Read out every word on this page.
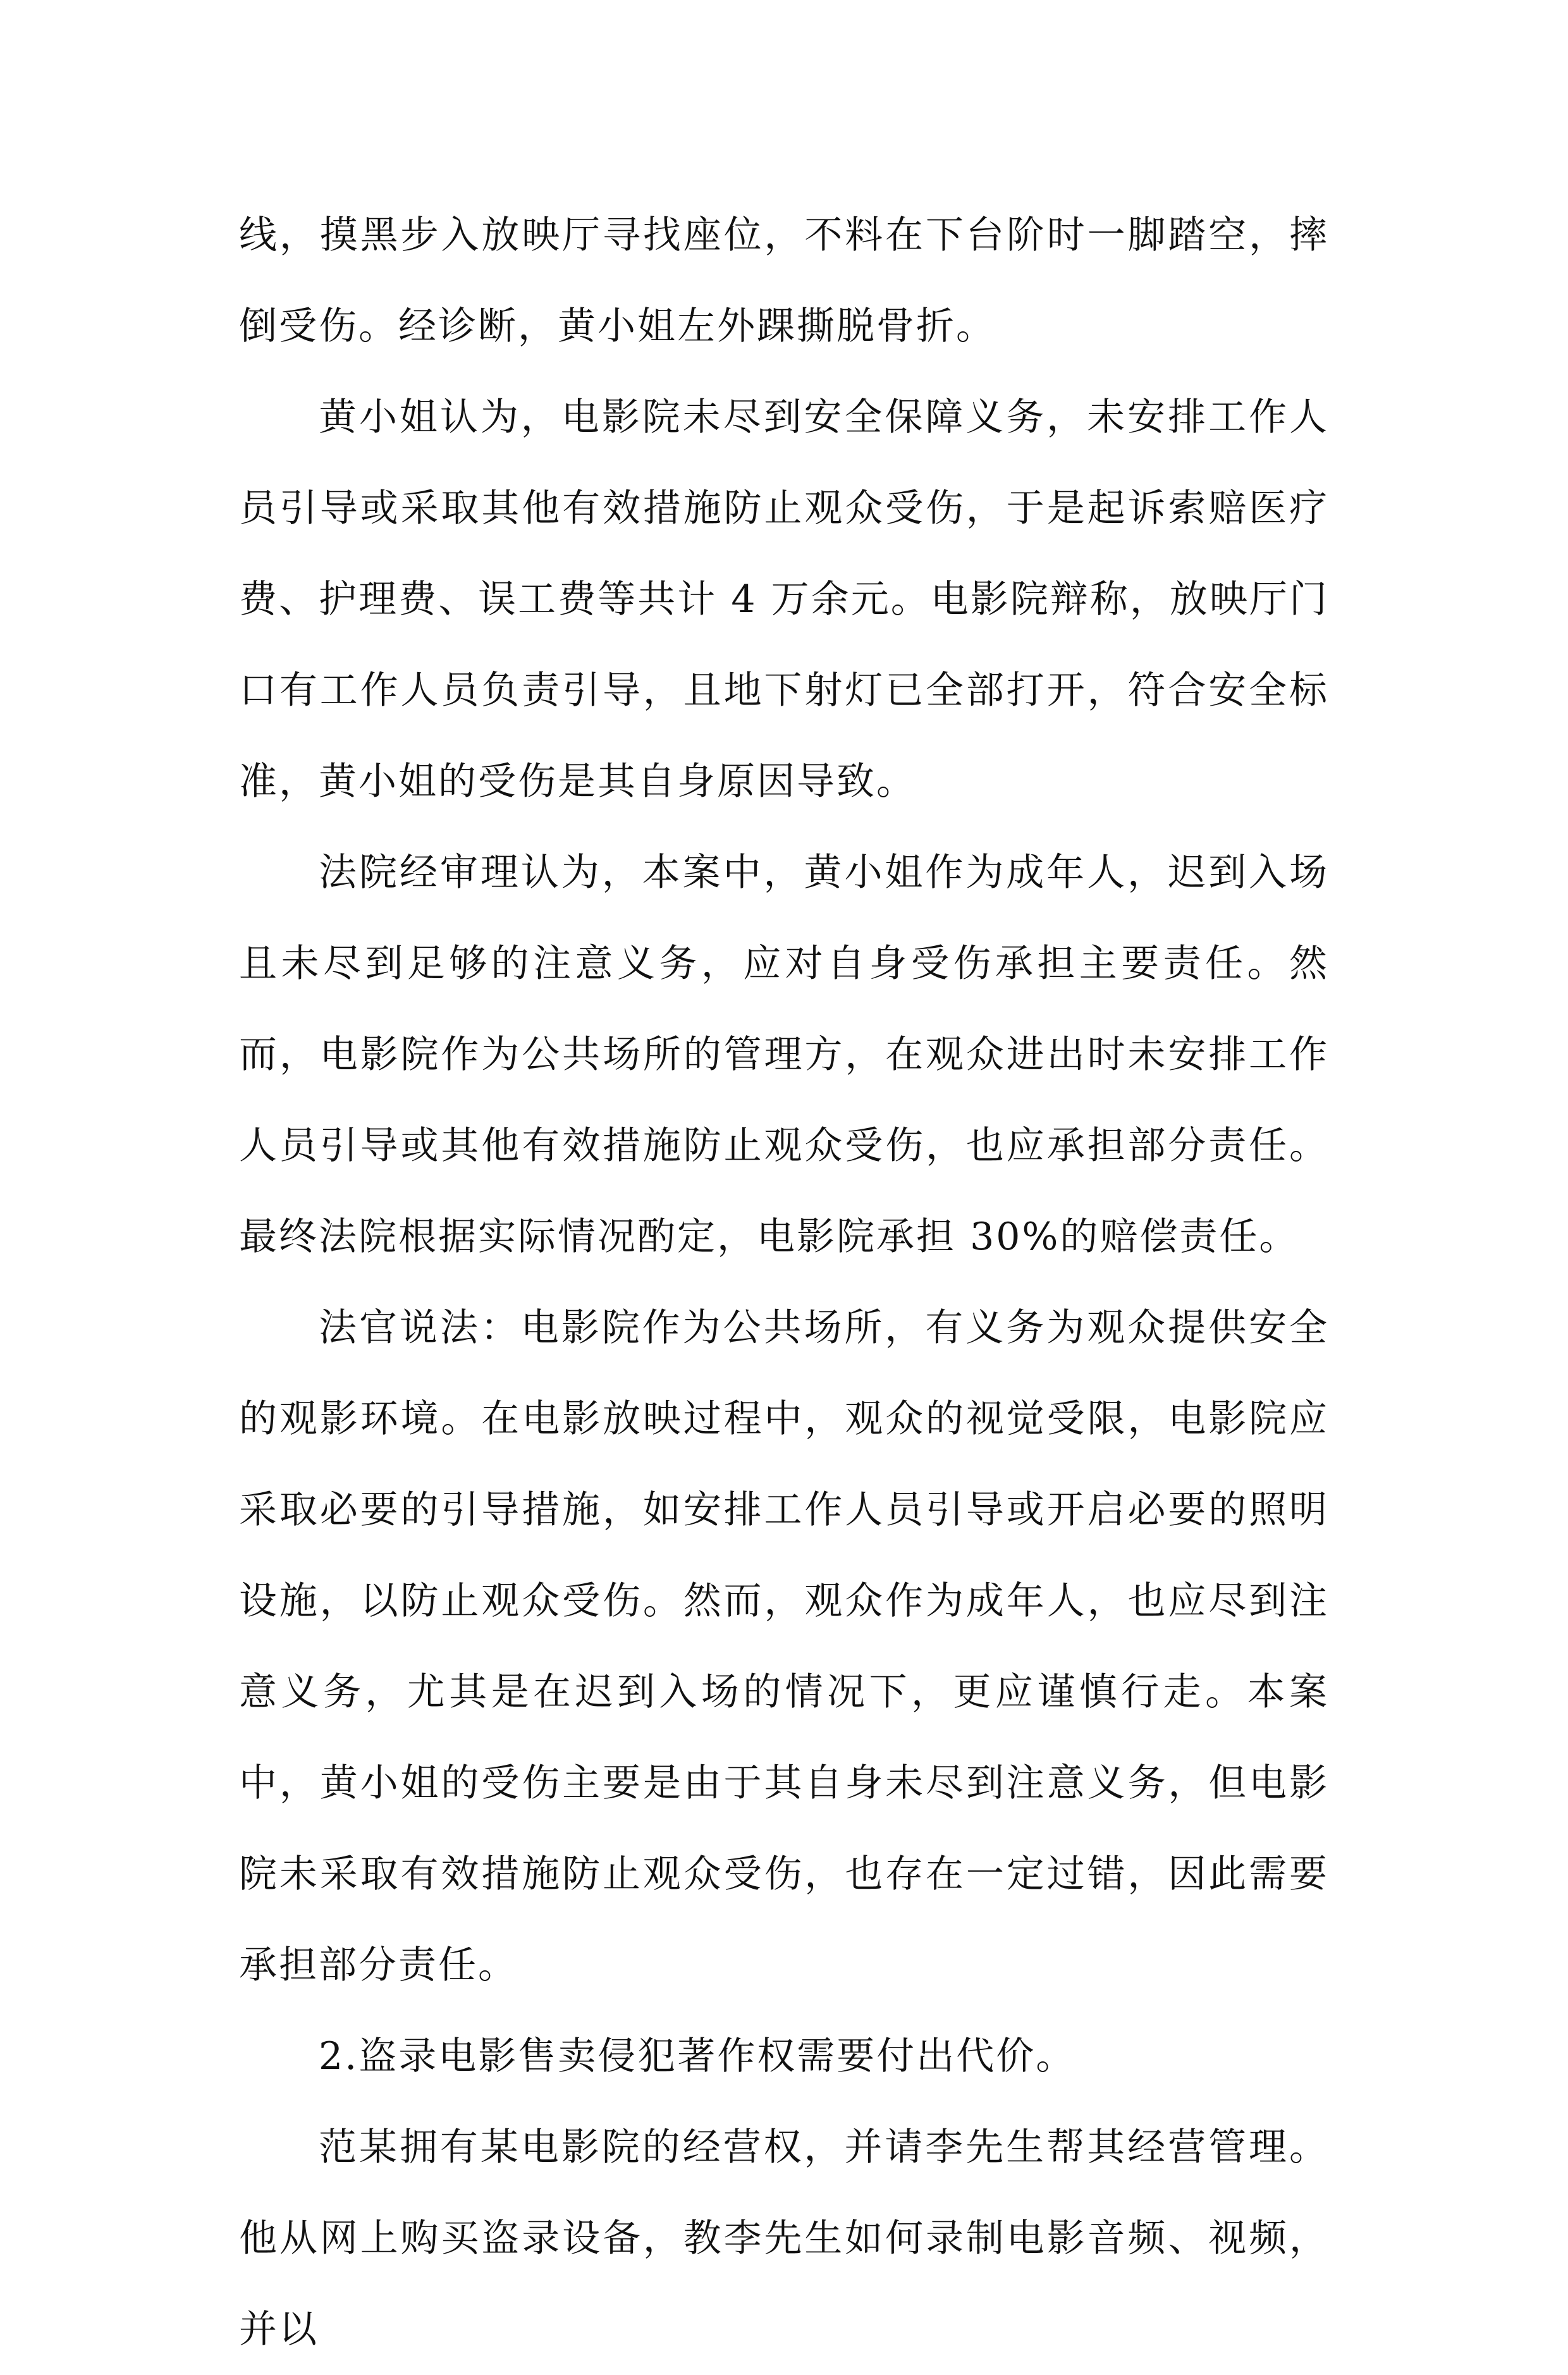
线，摸黑步入放映厅寻找座位，不料在下台阶时一脚踏空，摔倒受伤。经诊断，黄小姐左外踝撕脱骨折。

黄小姐认为，电影院未尽到安全保障义务，未安排工作人员引导或采取其他有效措施防止观众受伤，于是起诉索赔医疗费、护理费、误工费等共计 4 万余元。电影院辩称，放映厅门口有工作人员负责引导，且地下射灯已全部打开，符合安全标准，黄小姐的受伤是其自身原因导致。

法院经审理认为，本案中，黄小姐作为成年人，迟到入场且未尽到足够的注意义务，应对自身受伤承担主要责任。然而，电影院作为公共场所的管理方，在观众进出时未安排工作人员引导或其他有效措施防止观众受伤，也应承担部分责任。最终法院根据实际情况酌定，电影院承担 30%的赔偿责任。

法官说法：电影院作为公共场所，有义务为观众提供安全的观影环境。在电影放映过程中，观众的视觉受限，电影院应采取必要的引导措施，如安排工作人员引导或开启必要的照明设施，以防止观众受伤。然而，观众作为成年人，也应尽到注意义务，尤其是在迟到入场的情况下，更应谨慎行走。本案中，黄小姐的受伤主要是由于其自身未尽到注意义务，但电影院未采取有效措施防止观众受伤，也存在一定过错，因此需要承担部分责任。

2.盗录电影售卖侵犯著作权需要付出代价。

范某拥有某电影院的经营权，并请李先生帮其经营管理。他从网上购买盗录设备，教李先生如何录制电影音频、视频，并以
